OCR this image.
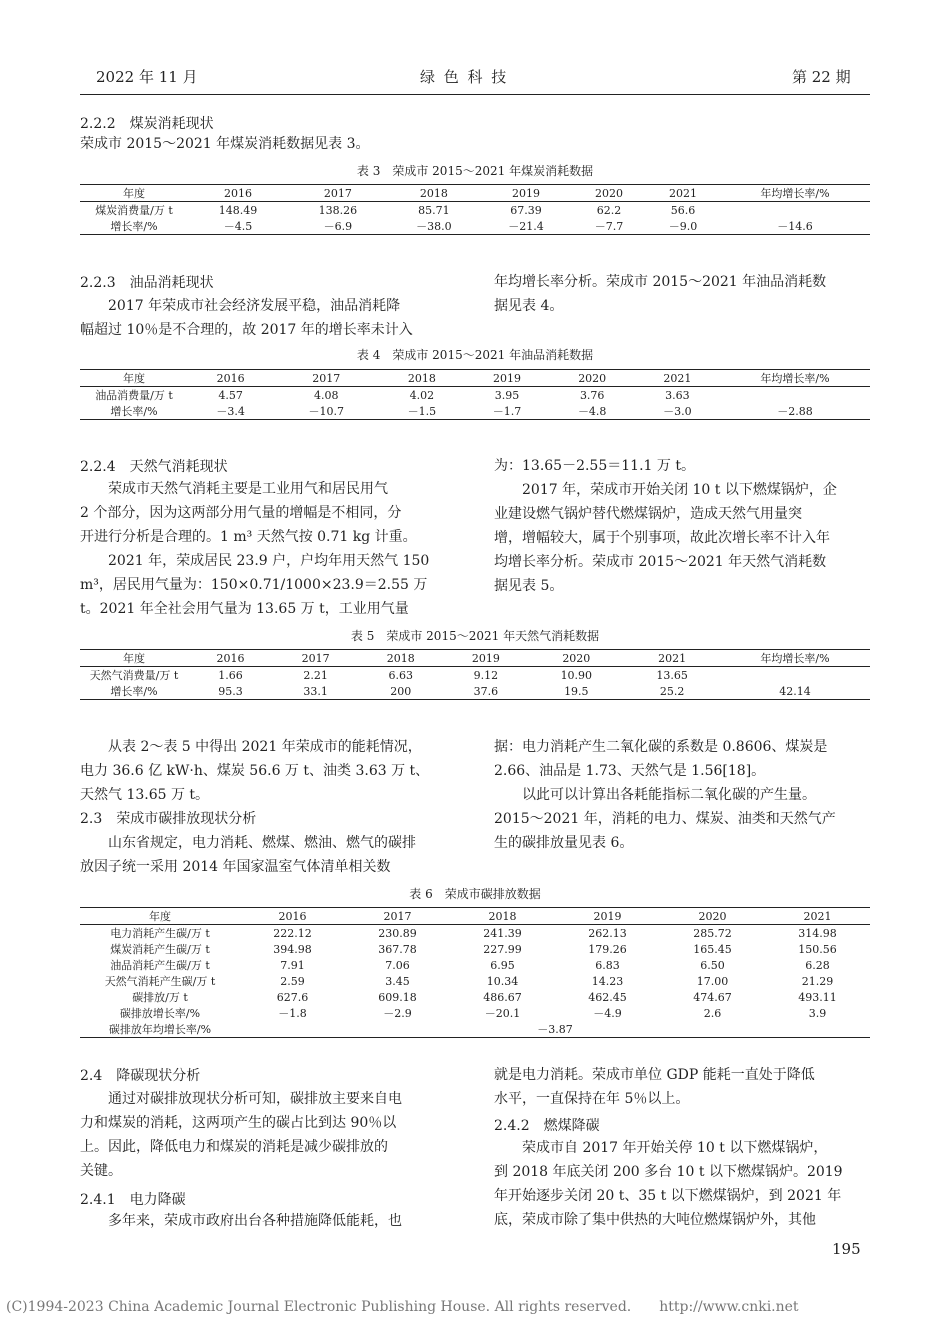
2022 年 11 月	绿 色 科 技	第 22 期
2.2.2　煤炭消耗现状
荣成市 2015～2021 年煤炭消耗数据见表 3。
表 3　荣成市 2015～2021 年煤炭消耗数据
年度	2016	2017	2018	2019	2020	2021	年均增长率/%
煤炭消费量/万 t	148.49	138.26	85.71	67.39	62.2	56.6	
增长率/%	－4.5	－6.9	－38.0	－21.4	－7.7	－9.0	－14.6
2.2.3　油品消耗现状
　　2017 年荣成市社会经济发展平稳，油品消耗降
幅超过 10％是不合理的，故 2017 年的增长率未计入
年均增长率分析。荣成市 2015～2021 年油品消耗数
据见表 4。
表 4　荣成市 2015～2021 年油品消耗数据
年度	2016	2017	2018	2019	2020	2021	年均增长率/%
油品消费量/万 t	4.57	4.08	4.02	3.95	3.76	3.63	
增长率/%	－3.4	－10.7	－1.5	－1.7	－4.8	－3.0	－2.88
2.2.4　天然气消耗现状
　　荣成市天然气消耗主要是工业用气和居民用气
2 个部分，因为这两部分用气量的增幅是不相同，分
开进行分析是合理的。1 m³ 天然气按 0.71 kg 计重。
　　2021 年，荣成居民 23.9 户，户均年用天然气 150
m³，居民用气量为：150×0.71/1000×23.9＝2.55 万
t。2021 年全社会用气量为 13.65 万 t，工业用气量
为：13.65－2.55＝11.1 万 t。
　　2017 年，荣成市开始关闭 10 t 以下燃煤锅炉，企
业建设燃气锅炉替代燃煤锅炉，造成天然气用量突
增，增幅较大，属于个别事项，故此次增长率不计入年
均增长率分析。荣成市 2015～2021 年天然气消耗数
据见表 5。
表 5　荣成市 2015～2021 年天然气消耗数据
年度	2016	2017	2018	2019	2020	2021	年均增长率/%
天然气消费量/万 t	1.66	2.21	6.63	9.12	10.90	13.65	
增长率/%	95.3	33.1	200	37.6	19.5	25.2	42.14
　　从表 2～表 5 中得出 2021 年荣成市的能耗情况，
电力 36.6 亿 kW·h、煤炭 56.6 万 t、油类 3.63 万 t、
天然气 13.65 万 t。
2.3　荣成市碳排放现状分析
　　山东省规定，电力消耗、燃煤、燃油、燃气的碳排
放因子统一采用 2014 年国家温室气体清单相关数
据：电力消耗产生二氧化碳的系数是 0.8606、煤炭是
2.66、油品是 1.73、天然气是 1.56[18]。
　　以此可以计算出各耗能指标二氧化碳的产生量。
2015～2021 年，消耗的电力、煤炭、油类和天然气产
生的碳排放量见表 6。
表 6　荣成市碳排放数据
年度	2016	2017	2018	2019	2020	2021
电力消耗产生碳/万 t	222.12	230.89	241.39	262.13	285.72	314.98
煤炭消耗产生碳/万 t	394.98	367.78	227.99	179.26	165.45	150.56
油品消耗产生碳/万 t	7.91	7.06	6.95	6.83	6.50	6.28
天然气消耗产生碳/万 t	2.59	3.45	10.34	14.23	17.00	21.29
碳排放/万 t	627.6	609.18	486.67	462.45	474.67	493.11
碳排放增长率/%	－1.8	－2.9	－20.1	－4.9	2.6	3.9
碳排放年均增长率/%	－3.87					
2.4　降碳现状分析
　　通过对碳排放现状分析可知，碳排放主要来自电
力和煤炭的消耗，这两项产生的碳占比到达 90％以
上。因此，降低电力和煤炭的消耗是减少碳排放的
关键。
2.4.1　电力降碳
　　多年来，荣成市政府出台各种措施降低能耗，也
就是电力消耗。荣成市单位 GDP 能耗一直处于降低
水平，一直保持在年 5％以上。
2.4.2　燃煤降碳
　　荣成市自 2017 年开始关停 10 t 以下燃煤锅炉，
到 2018 年底关闭 200 多台 10 t 以下燃煤锅炉。2019
年开始逐步关闭 20 t、35 t 以下燃煤锅炉，到 2021 年
底，荣成市除了集中供热的大吨位燃煤锅炉外，其他
195
(C)1994-2023 China Academic Journal Electronic Publishing House. All rights reserved.　　http://www.cnki.net
